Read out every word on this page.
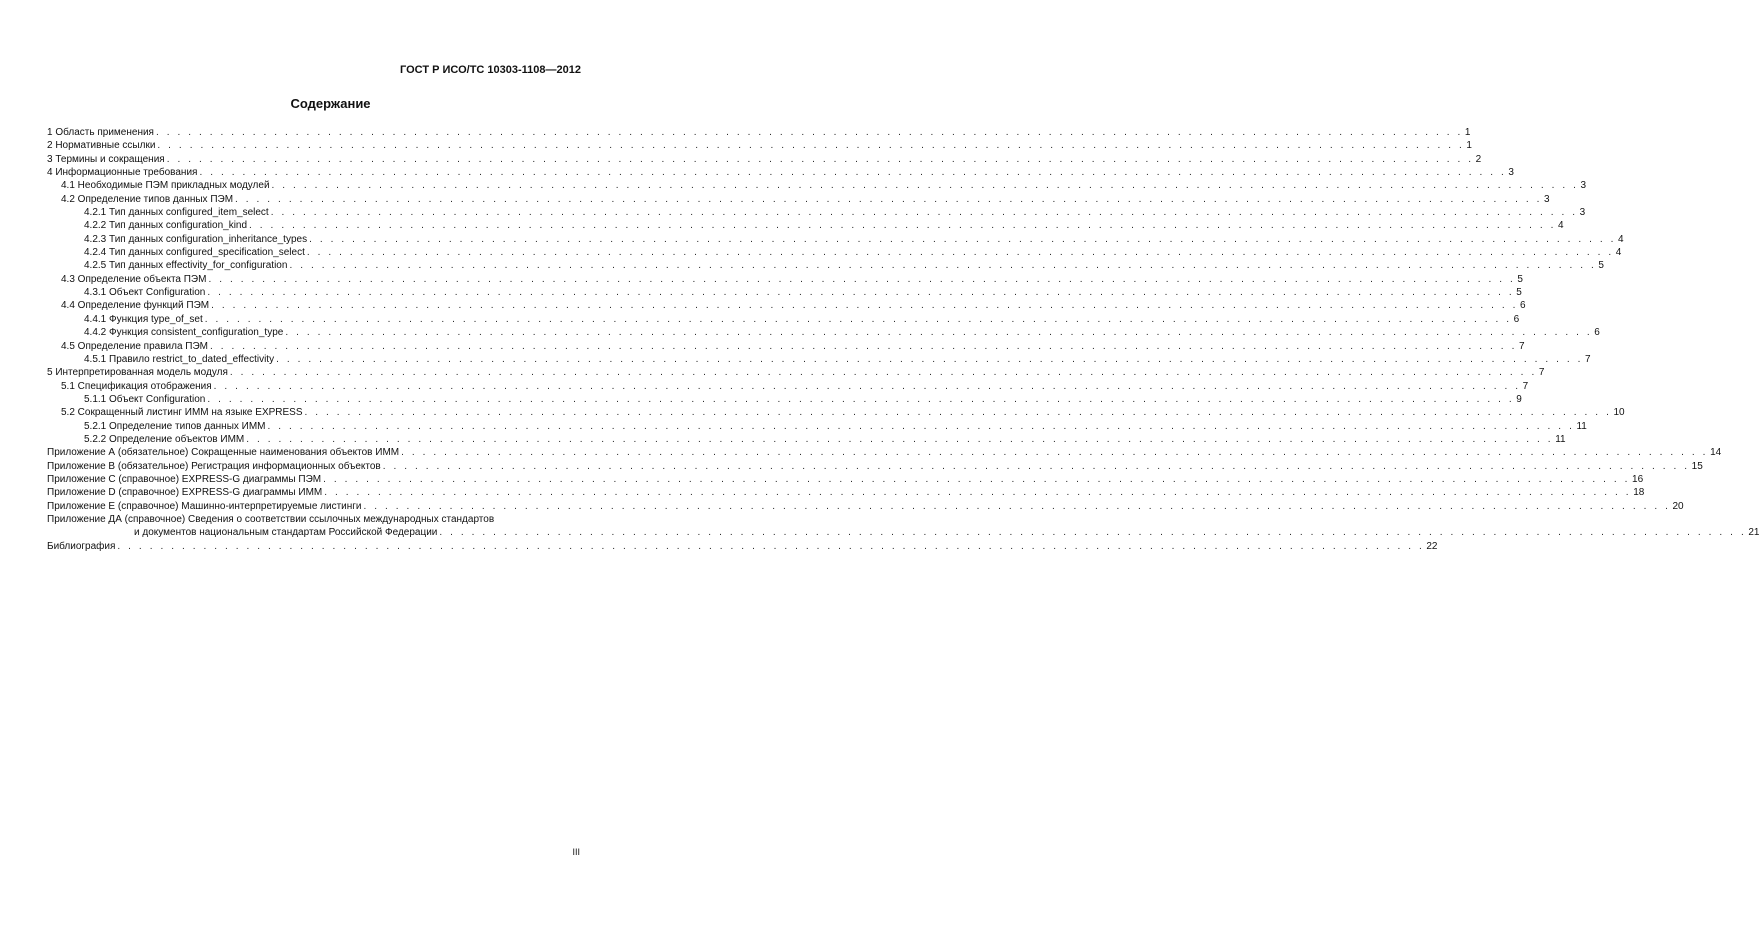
ГОСТ Р ИСО/ТС 10303-1108—2012
Содержание
1 Область применения . . .	1
2 Нормативные ссылки . . .	1
3 Термины и сокращения . . .	2
4 Информационные требования . . .	3
4.1 Необходимые ПЭМ прикладных модулей . . .	3
4.2 Определение типов данных ПЭМ . . .	3
4.2.1 Тип данных configured_item_select . . .	3
4.2.2 Тип данных configuration_kind . . .	4
4.2.3 Тип данных configuration_inheritance_types . . .	4
4.2.4 Тип данных configured_specification_select . . .	4
4.2.5 Тип данных effectivity_for_configuration . . .	5
4.3 Определение объекта ПЭМ . . .	5
4.3.1 Объект Configuration . . .	5
4.4 Определение функций ПЭМ . . .	6
4.4.1 Функция type_of_set . . .	6
4.4.2 Функция consistent_configuration_type . . .	6
4.5 Определение правила ПЭМ . . .	7
4.5.1 Правило restrict_to_dated_effectivity . . .	7
5 Интерпретированная модель модуля . . .	7
5.1 Спецификация отображения . . .	7
5.1.1 Объект Configuration . . .	9
5.2 Сокращенный листинг ИММ на языке EXPRESS . . .	10
5.2.1 Определение типов данных ИММ . . .	11
5.2.2 Определение объектов ИММ . . .	11
Приложение А (обязательное) Сокращенные наименования объектов ИММ . . .	14
Приложение В (обязательное) Регистрация информационных объектов . . .	15
Приложение С (справочное) EXPRESS-G диаграммы ПЭМ . . .	16
Приложение D (справочное) EXPRESS-G диаграммы ИММ . . .	18
Приложение Е (справочное) Машинно-интерпретируемые листинги . . .	20
Приложение ДА (справочное) Сведения о соответствии ссылочных международных стандартов
и документов национальным стандартам Российской Федерации . . .	21
Библиография . . .	22
III
